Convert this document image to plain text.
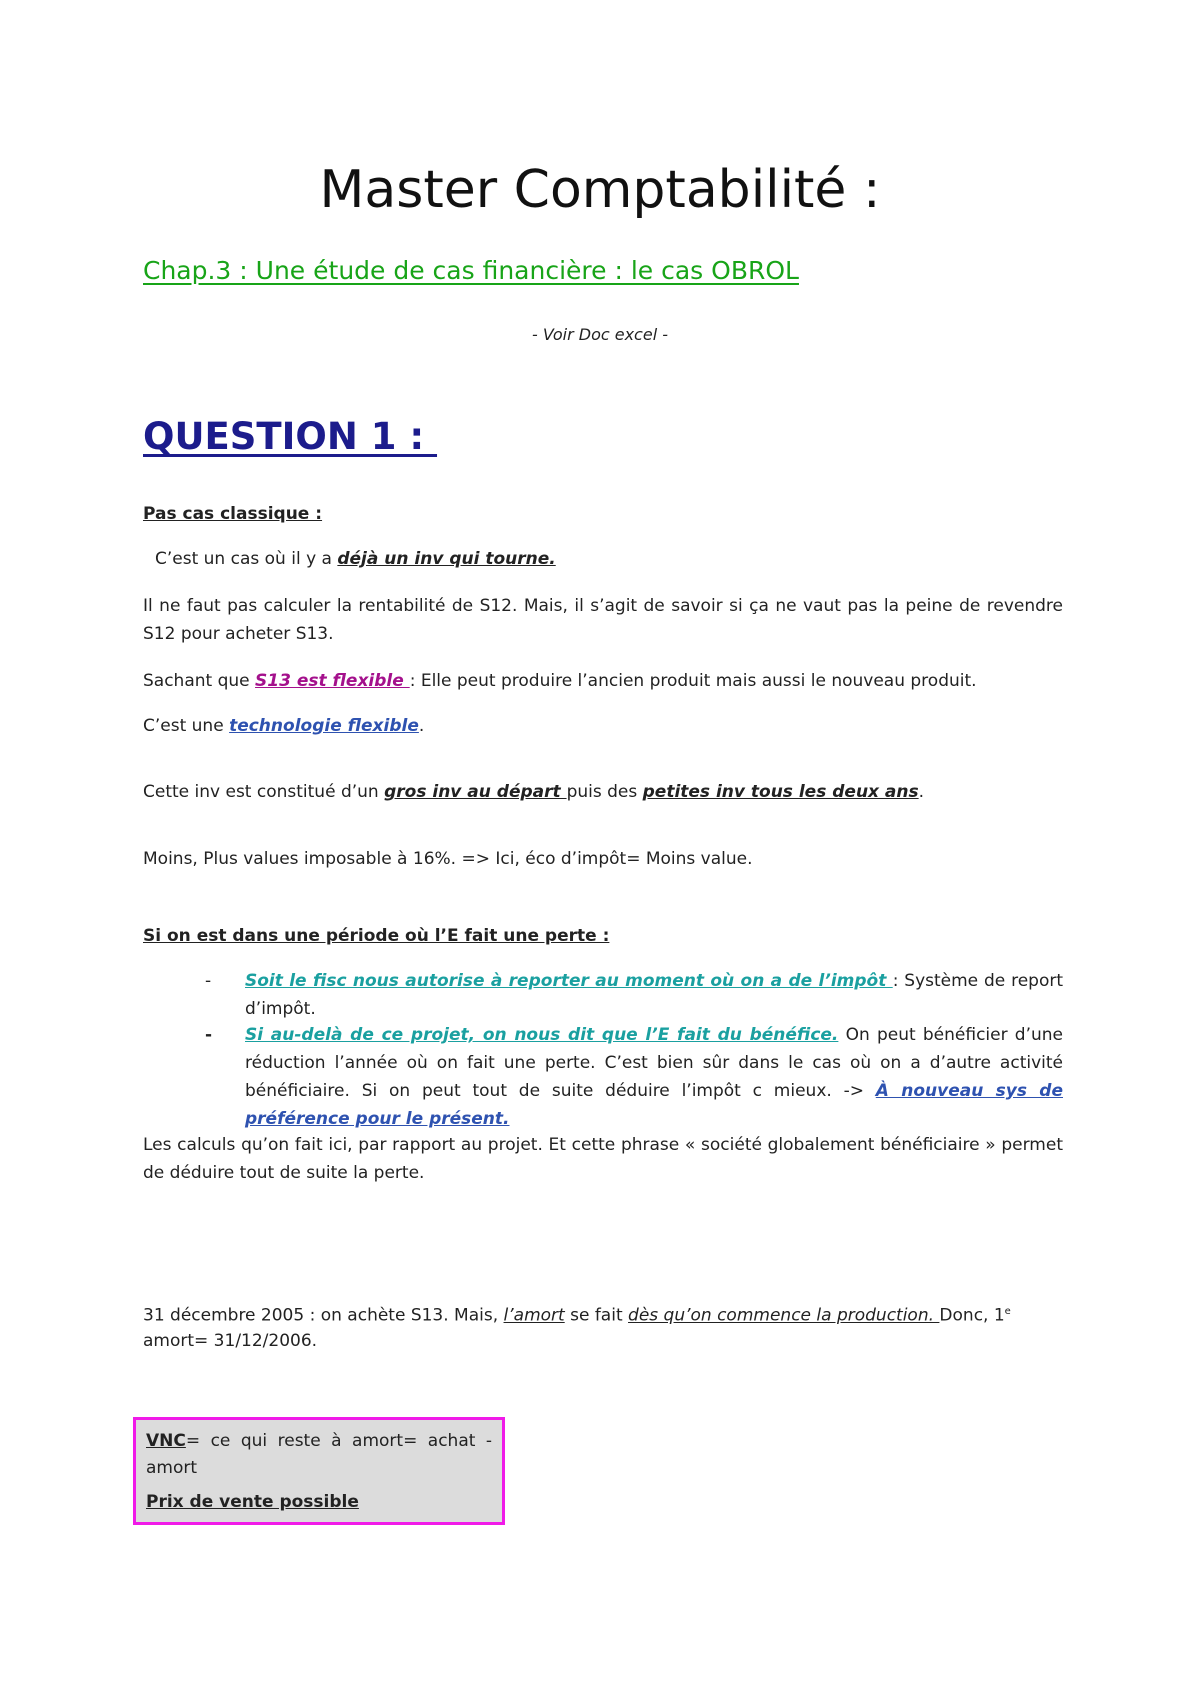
Master Comptabilité :
Chap.3 : Une étude de cas financière : le cas OBROL
- Voir Doc excel -
QUESTION 1 :
Pas cas classique :
C’est un cas où il y a déjà un inv qui tourne.
Il ne faut pas calculer la rentabilité de S12. Mais, il s’agit de savoir si ça ne vaut pas la peine de revendre S12 pour acheter S13.
Sachant que S13 est flexible : Elle peut produire l’ancien produit mais aussi le nouveau produit.
C’est une technologie flexible.
Cette inv est constitué d’un gros inv au départ puis des petites inv tous les deux ans.
Moins, Plus values imposable à 16%. => Ici, éco d’impôt= Moins value.
Si on est dans une période où l’E fait une perte :
- Soit le fisc nous autorise à reporter au moment où on a de l’impôt : Système de report d’impôt.
- Si au-delà de ce projet, on nous dit que l’E fait du bénéfice. On peut bénéficier d’une réduction l’année où on fait une perte. C’est bien sûr dans le cas où on a d’autre activité bénéficiaire. Si on peut tout de suite déduire l’impôt c mieux. -> À nouveau sys de préférence pour le présent.
Les calculs qu’on fait ici, par rapport au projet. Et cette phrase « société globalement bénéficiaire » permet de déduire tout de suite la perte.
31 décembre 2005 : on achète S13. Mais, l’amort se fait dès qu’on commence la production. Donc, 1e
amort= 31/12/2006.
VNC= ce qui reste à amort= achat - amort
Prix de vente possible
